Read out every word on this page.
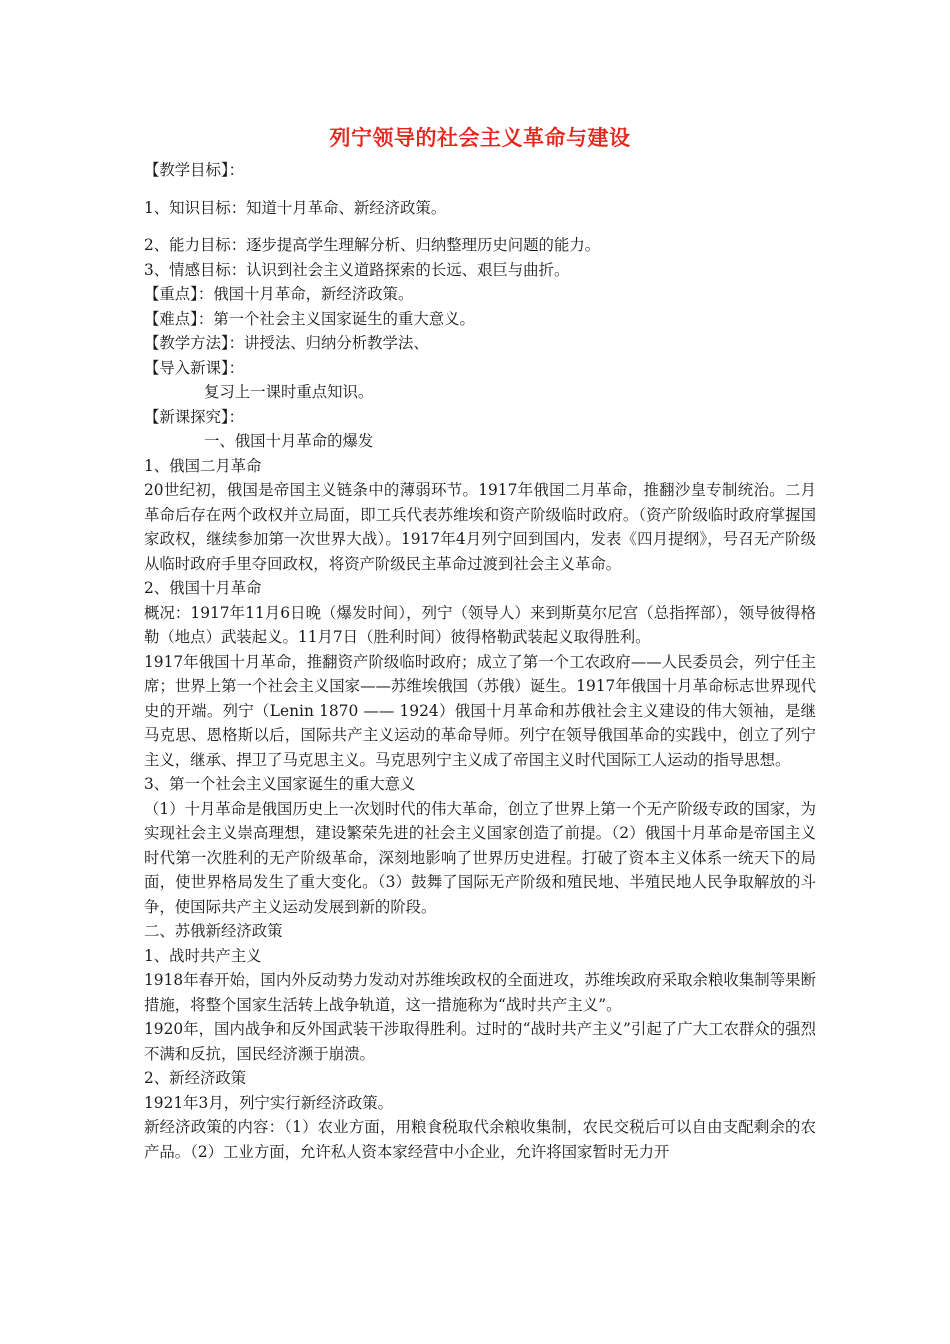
列宁领导的社会主义革命与建设

【教学目标】：

1、知识目标：知道十月革命、新经济政策。

2、能力目标：逐步提高学生理解分析、归纳整理历史问题的能力。

3、情感目标：认识到社会主义道路探索的长远、艰巨与曲折。

【重点】：俄国十月革命，新经济政策。

【难点】：第一个社会主义国家诞生的重大意义。

【教学方法】：讲授法、归纳分析教学法、

【导入新课】：

复习上一课时重点知识。

【新课探究】：

一、俄国十月革命的爆发

1、俄国二月革命

20世纪初，俄国是帝国主义链条中的薄弱环节。1917年俄国二月革命，推翻沙皇专制统治。二月革命后存在两个政权并立局面，即工兵代表苏维埃和资产阶级临时政府。（资产阶级临时政府掌握国家政权，继续参加第一次世界大战）。1917年4月列宁回到国内，发表《四月提纲》，号召无产阶级从临时政府手里夺回政权，将资产阶级民主革命过渡到社会主义革命。

2、俄国十月革命

概况：1917年11月6日晚（爆发时间），列宁（领导人）来到斯莫尔尼宫（总指挥部），领导彼得格勒（地点）武装起义。11月7日（胜利时间）彼得格勒武装起义取得胜利。

1917年俄国十月革命，推翻资产阶级临时政府；成立了第一个工农政府——人民委员会，列宁任主席；世界上第一个社会主义国家——苏维埃俄国（苏俄）诞生。1917年俄国十月革命标志世界现代史的开端。列宁（Lenin 1870 —— 1924）俄国十月革命和苏俄社会主义建设的伟大领袖，是继马克思、恩格斯以后，国际共产主义运动的革命导师。列宁在领导俄国革命的实践中，创立了列宁主义，继承、捍卫了马克思主义。马克思列宁主义成了帝国主义时代国际工人运动的指导思想。

3、第一个社会主义国家诞生的重大意义

（1）十月革命是俄国历史上一次划时代的伟大革命，创立了世界上第一个无产阶级专政的国家，为实现社会主义崇高理想，建设繁荣先进的社会主义国家创造了前提。（2）俄国十月革命是帝国主义时代第一次胜利的无产阶级革命，深刻地影响了世界历史进程。打破了资本主义体系一统天下的局面，使世界格局发生了重大变化。（3）鼓舞了国际无产阶级和殖民地、半殖民地人民争取解放的斗争，使国际共产主义运动发展到新的阶段。

二、苏俄新经济政策

1、战时共产主义

1918年春开始，国内外反动势力发动对苏维埃政权的全面进攻，苏维埃政府采取余粮收集制等果断措施，将整个国家生活转上战争轨道，这一措施称为“战时共产主义”。

1920年，国内战争和反外国武装干涉取得胜利。过时的“战时共产主义”引起了广大工农群众的强烈不满和反抗，国民经济濒于崩溃。

2、新经济政策

1921年3月，列宁实行新经济政策。

新经济政策的内容：（1）农业方面，用粮食税取代余粮收集制，农民交税后可以自由支配剩余的农产品。（2）工业方面，允许私人资本家经营中小企业，允许将国家暂时无力开
